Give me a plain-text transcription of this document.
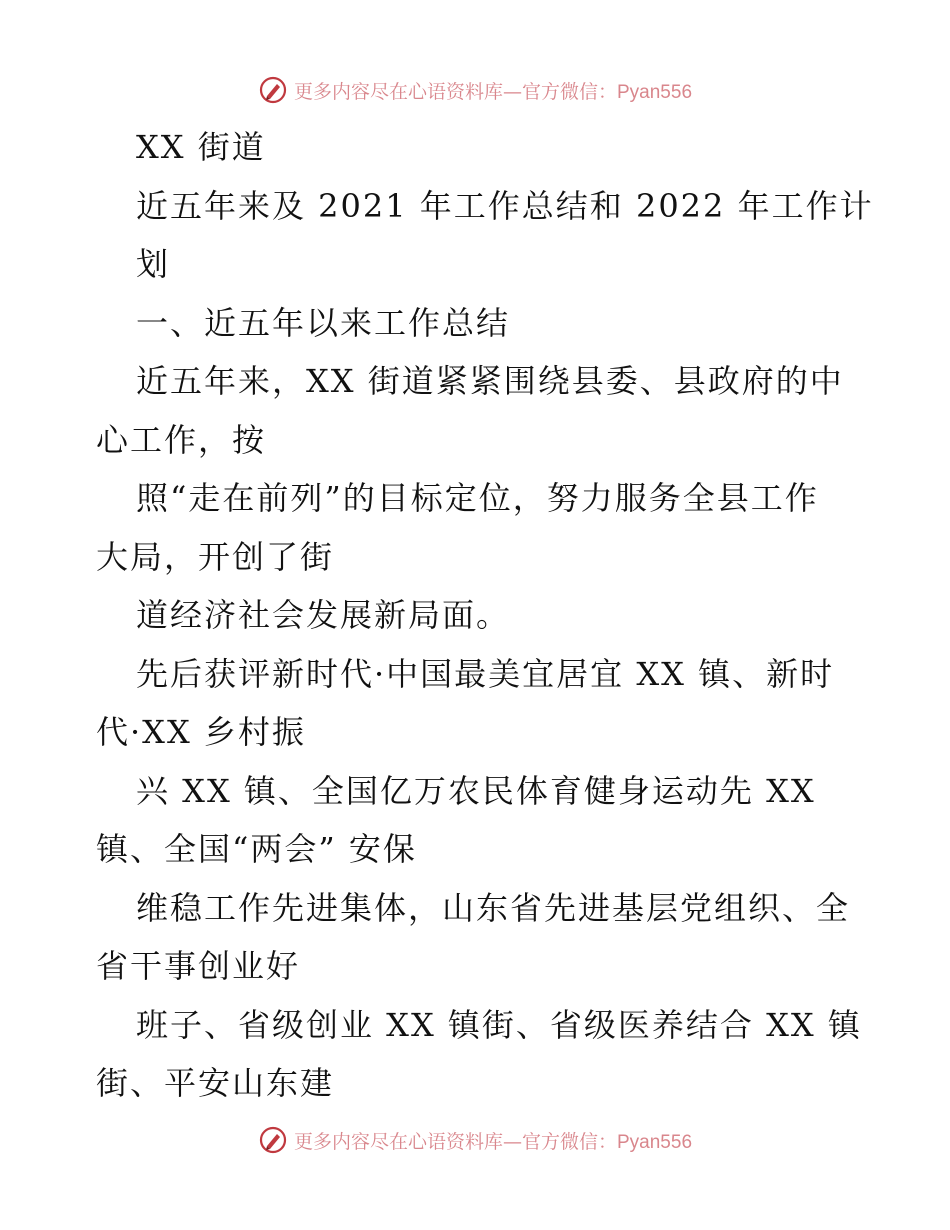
更多内容尽在心语资料库—官方微信：Pyan556
XX 街道
近五年来及 2021 年工作总结和 2022 年工作计
划
一、近五年以来工作总结
近五年来，XX 街道紧紧围绕县委、县政府的中
心工作，按
照“走在前列”的目标定位，努力服务全县工作
大局，开创了街
道经济社会发展新局面。
先后获评新时代·中国最美宜居宜 XX 镇、新时
代·XX 乡村振
兴 XX 镇、全国亿万农民体育健身运动先 XX
镇、全国“两会” 安保
维稳工作先进集体，山东省先进基层党组织、全
省干事创业好
班子、省级创业 XX 镇街、省级医养结合 XX 镇
街、平安山东建
更多内容尽在心语资料库—官方微信：Pyan556
